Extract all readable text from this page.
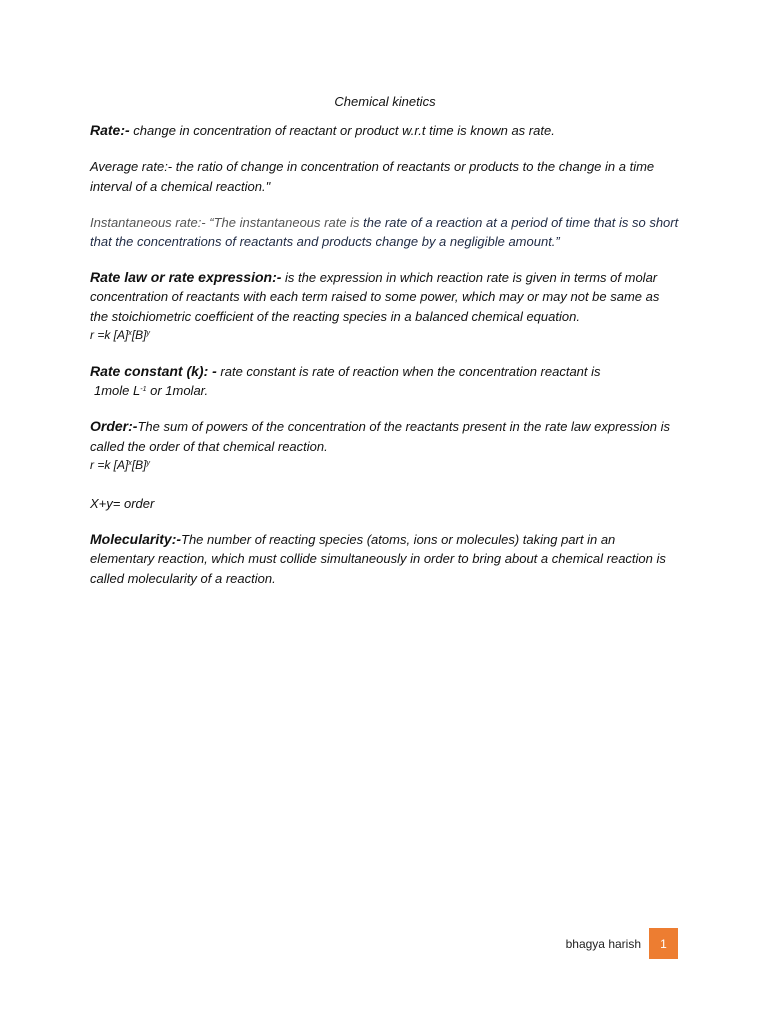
Chemical kinetics

Rate:- change in concentration of reactant or product w.r.t time is known as rate.

Average rate:- the ratio of change in concentration of reactants or products to the change in a time interval of a chemical reaction."

Instantaneous rate:- “The instantaneous rate is the rate of a reaction at a period of time that is so short that the concentrations of reactants and products change by a negligible amount.”

Rate law or rate expression:- is the expression in which reaction rate is given in terms of molar concentration of reactants with each term raised to some power, which may or may not be same as the stoichiometric coefficient of the reacting species in a balanced chemical equation.

r =k $[A]^x[B]^y$

Rate constant (k): - rate constant is rate of reaction when the concentration reactant is
1mole $L^{-1}$ or 1molar.

Order:-The sum of powers of the concentration of the reactants present in the rate law expression is called the order of that chemical reaction.

r =k $[A]^x[B]^y$

X+y= order

Molecularity:-The number of reacting species (atoms, ions or molecules) taking part in an elementary reaction, which must collide simultaneously in order to bring about a chemical reaction is called molecularity of a reaction.

bhagya harish	1
